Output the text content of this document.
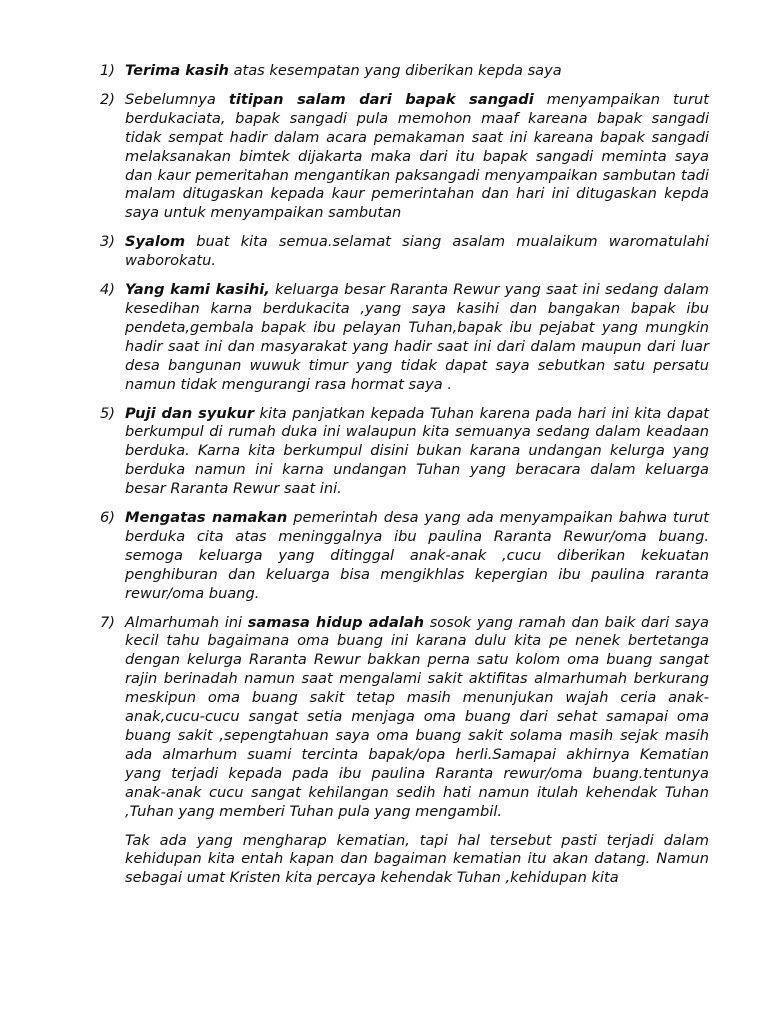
1) Terima kasih atas kesempatan yang diberikan kepda saya

2) Sebelumnya titipan salam dari bapak sangadi menyampaikan turut berdukaciata, bapak sangadi pula memohon maaf kareana bapak sangadi tidak sempat hadir dalam acara pemakaman saat ini kareana bapak sangadi melaksanakan bimtek dijakarta maka dari itu bapak sangadi meminta saya dan kaur pemeritahan mengantikan paksangadi menyampaikan sambutan tadi malam ditugaskan kepada kaur pemerintahan dan hari ini ditugaskan kepda saya untuk menyampaikan sambutan

3) Syalom buat kita semua.selamat siang asalam mualaikum waromatulahi waborokatu.

4) Yang kami kasihi, keluarga besar Raranta Rewur yang saat ini sedang dalam kesedihan karna berdukacita ,yang saya kasihi dan bangakan bapak ibu pendeta,gembala bapak ibu pelayan Tuhan,bapak ibu pejabat yang mungkin hadir saat ini dan masyarakat yang hadir saat ini dari dalam maupun dari luar desa bangunan wuwuk timur yang tidak dapat saya sebutkan satu persatu namun tidak mengurangi rasa hormat saya .

5) Puji dan syukur kita panjatkan kepada Tuhan karena pada hari ini kita dapat berkumpul di rumah duka ini walaupun kita semuanya sedang dalam keadaan berduka. Karna kita berkumpul disini bukan karana undangan kelurga yang berduka namun ini karna undangan Tuhan yang beracara dalam keluarga besar Raranta Rewur saat ini.

6) Mengatas namakan pemerintah desa yang ada menyampaikan bahwa turut berduka cita atas meninggalnya ibu paulina Raranta Rewur/oma buang. semoga keluarga yang ditinggal anak-anak ,cucu diberikan kekuatan penghiburan dan keluarga bisa mengikhlas kepergian ibu paulina raranta rewur/oma buang.

7) Almarhumah ini samasa hidup adalah sosok yang ramah dan baik dari saya kecil tahu bagaimana oma buang ini karana dulu kita pe nenek bertetanga dengan kelurga Raranta Rewur bakkan perna satu kolom oma buang sangat rajin berinadah namun saat mengalami sakit aktifitas almarhumah berkurang meskipun oma buang sakit tetap masih menunjukan wajah ceria anak-anak,cucu-cucu sangat setia menjaga oma buang dari sehat samapai oma buang sakit ,sepengtahuan saya oma buang sakit solama masih sejak masih ada almarhum suami tercinta bapak/opa herli.Samapai akhirnya Kematian yang terjadi kepada pada ibu paulina Raranta rewur/oma buang.tentunya anak-anak cucu sangat kehilangan sedih hati namun itulah kehendak Tuhan ,Tuhan yang memberi Tuhan pula yang mengambil.

Tak ada yang mengharap kematian, tapi hal tersebut pasti terjadi dalam kehidupan kita entah kapan dan bagaiman kematian itu akan datang. Namun sebagai umat Kristen kita percaya kehendak Tuhan ,kehidupan kita
